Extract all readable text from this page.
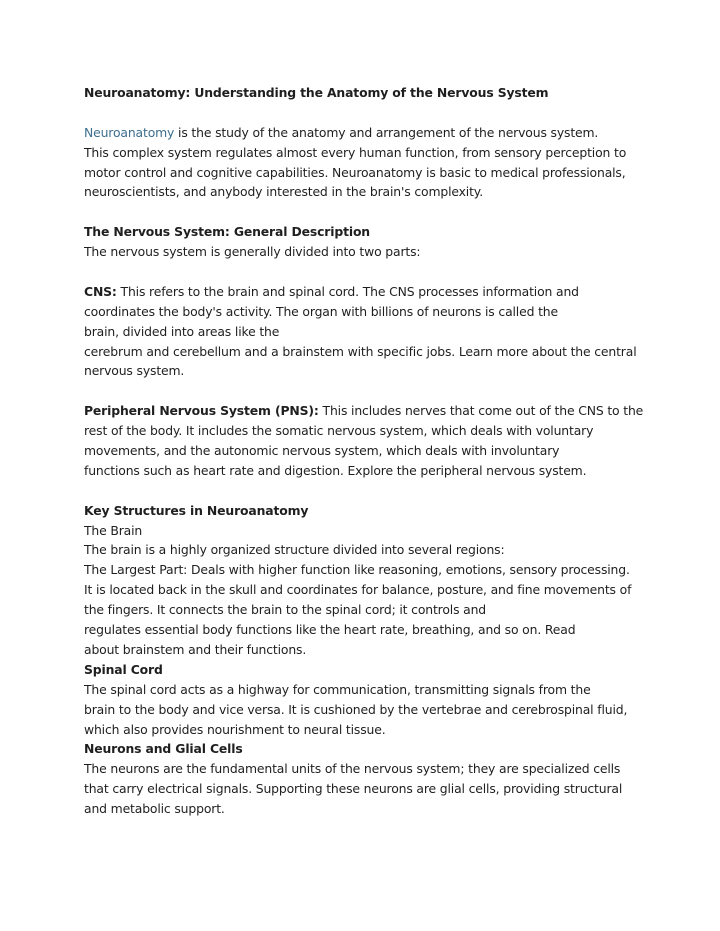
Neuroanatomy: Understanding the Anatomy of the Nervous System
Neuroanatomy is the study of the anatomy and arrangement of the nervous system.
This complex system regulates almost every human function, from sensory perception to
motor control and cognitive capabilities. Neuroanatomy is basic to medical professionals,
neuroscientists, and anybody interested in the brain's complexity.
The Nervous System: General Description
The nervous system is generally divided into two parts:
CNS: This refers to the brain and spinal cord. The CNS processes information and
coordinates the body's activity. The organ with billions of neurons is called the
brain, divided into areas like the
cerebrum and cerebellum and a brainstem with specific jobs. Learn more about the central
nervous system.
Peripheral Nervous System (PNS): This includes nerves that come out of the CNS to the
rest of the body. It includes the somatic nervous system, which deals with voluntary
movements, and the autonomic nervous system, which deals with involuntary
functions such as heart rate and digestion. Explore the peripheral nervous system.
Key Structures in Neuroanatomy
The Brain
The brain is a highly organized structure divided into several regions:
The Largest Part: Deals with higher function like reasoning, emotions, sensory processing.
It is located back in the skull and coordinates for balance, posture, and fine movements of
the fingers. It connects the brain to the spinal cord; it controls and
regulates essential body functions like the heart rate, breathing, and so on. Read
about brainstem and their functions.
Spinal Cord
The spinal cord acts as a highway for communication, transmitting signals from the
brain to the body and vice versa. It is cushioned by the vertebrae and cerebrospinal fluid,
which also provides nourishment to neural tissue.
Neurons and Glial Cells
The neurons are the fundamental units of the nervous system; they are specialized cells
that carry electrical signals. Supporting these neurons are glial cells, providing structural
and metabolic support.
